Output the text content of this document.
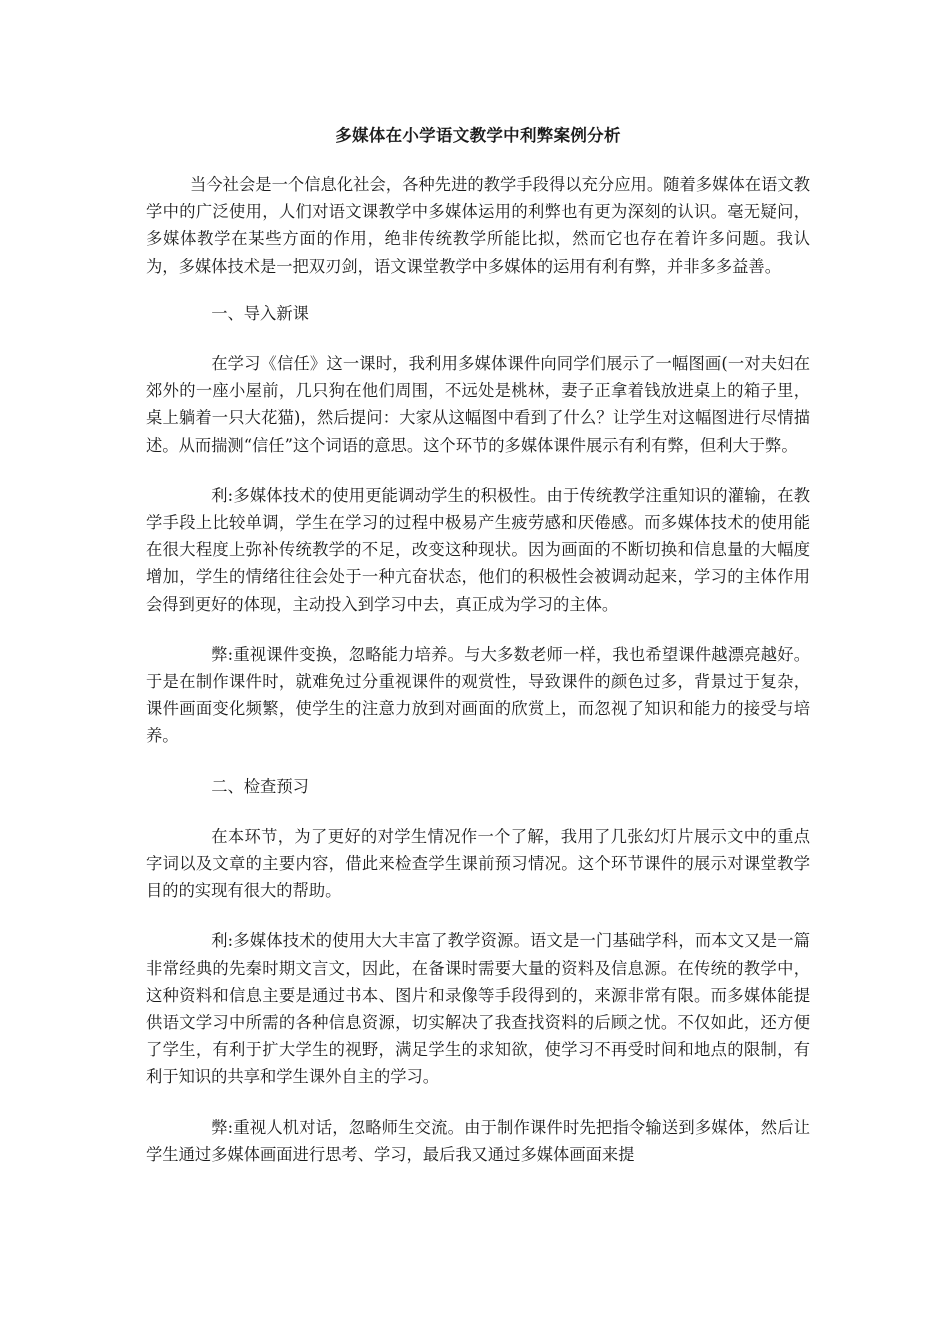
多媒体在小学语文教学中利弊案例分析

当今社会是一个信息化社会，各种先进的教学手段得以充分应用。随着多媒体在语文教学中的广泛使用，人们对语文课教学中多媒体运用的利弊也有更为深刻的认识。毫无疑问，多媒体教学在某些方面的作用，绝非传统教学所能比拟，然而它也存在着许多问题。我认为，多媒体技术是一把双刃剑，语文课堂教学中多媒体的运用有利有弊，并非多多益善。

一、导入新课

在学习《信任》这一课时，我利用多媒体课件向同学们展示了一幅图画(一对夫妇在郊外的一座小屋前，几只狗在他们周围，不远处是桃林，妻子正拿着钱放进桌上的箱子里，桌上躺着一只大花猫)，然后提问：大家从这幅图中看到了什么？让学生对这幅图进行尽情描述。从而揣测“信任”这个词语的意思。这个环节的多媒体课件展示有利有弊，但利大于弊。

利:多媒体技术的使用更能调动学生的积极性。由于传统教学注重知识的灌输，在教学手段上比较单调，学生在学习的过程中极易产生疲劳感和厌倦感。而多媒体技术的使用能在很大程度上弥补传统教学的不足，改变这种现状。因为画面的不断切换和信息量的大幅度增加，学生的情绪往往会处于一种亢奋状态，他们的积极性会被调动起来，学习的主体作用会得到更好的体现，主动投入到学习中去，真正成为学习的主体。

弊:重视课件变换，忽略能力培养。与大多数老师一样，我也希望课件越漂亮越好。于是在制作课件时，就难免过分重视课件的观赏性，导致课件的颜色过多，背景过于复杂，课件画面变化频繁，使学生的注意力放到对画面的欣赏上，而忽视了知识和能力的接受与培养。

二、检查预习

在本环节，为了更好的对学生情况作一个了解，我用了几张幻灯片展示文中的重点字词以及文章的主要内容，借此来检查学生课前预习情况。这个环节课件的展示对课堂教学目的的实现有很大的帮助。

利:多媒体技术的使用大大丰富了教学资源。语文是一门基础学科，而本文又是一篇非常经典的先秦时期文言文，因此，在备课时需要大量的资料及信息源。在传统的教学中，这种资料和信息主要是通过书本、图片和录像等手段得到的，来源非常有限。而多媒体能提供语文学习中所需的各种信息资源，切实解决了我查找资料的后顾之忧。不仅如此，还方便了学生，有利于扩大学生的视野，满足学生的求知欲，使学习不再受时间和地点的限制，有利于知识的共享和学生课外自主的学习。

弊:重视人机对话，忽略师生交流。由于制作课件时先把指令输送到多媒体，然后让学生通过多媒体画面进行思考、学习，最后我又通过多媒体画面来提
